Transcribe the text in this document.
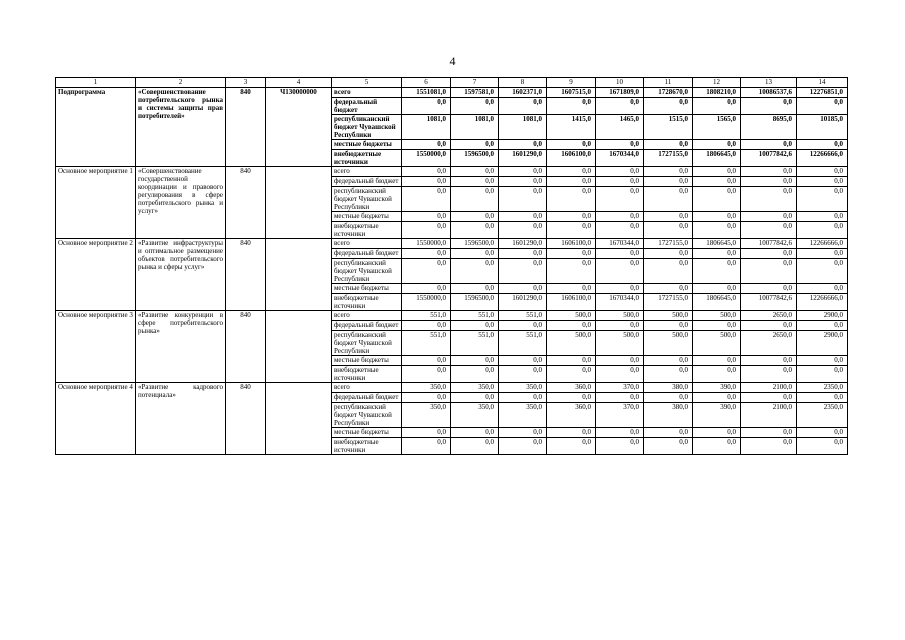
4
1	2	3	4	5	6	7	8	9	10	11	12	13	14
Подпрограмма	«Совершенствование потребительского рынка и системы защиты прав потребителей»	840	Ч130000000	всего	1551081,0	1597581,0	1602371,0	1607515,0	1671809,0	1728670,0	1808210,0	10086537,6	12276851,0
				федеральный бюджет	0,0	0,0	0,0	0,0	0,0	0,0	0,0	0,0	0,0
				республиканский бюджет Чувашской Республики	1081,0	1081,0	1081,0	1415,0	1465,0	1515,0	1565,0	8695,0	10185,0
				местные бюджеты	0,0	0,0	0,0	0,0	0,0	0,0	0,0	0,0	0,0
				внебюджетные источники	1550000,0	1596500,0	1601290,0	1606100,0	1670344,0	1727155,0	1806645,0	10077842,6	12266666,0
Основное мероприятие 1	«Совершенствование государственной координации и правового регулирования в сфере потребительского рынка и услуг»	840		всего	0,0	0,0	0,0	0,0	0,0	0,0	0,0	0,0	0,0
				федеральный бюджет	0,0	0,0	0,0	0,0	0,0	0,0	0,0	0,0	0,0
				республиканский бюджет Чувашской Республики	0,0	0,0	0,0	0,0	0,0	0,0	0,0	0,0	0,0
				местные бюджеты	0,0	0,0	0,0	0,0	0,0	0,0	0,0	0,0	0,0
				внебюджетные источники	0,0	0,0	0,0	0,0	0,0	0,0	0,0	0,0	0,0
Основное мероприятие 2	«Развитие инфраструктуры и оптимальное размещение объектов потребительского рынка и сферы услуг»	840		всего	1550000,0	1596500,0	1601290,0	1606100,0	1670344,0	1727155,0	1806645,0	10077842,6	12266666,0
				федеральный бюджет	0,0	0,0	0,0	0,0	0,0	0,0	0,0	0,0	0,0
				республиканский бюджет Чувашской Республики	0,0	0,0	0,0	0,0	0,0	0,0	0,0	0,0	0,0
				местные бюджеты	0,0	0,0	0,0	0,0	0,0	0,0	0,0	0,0	0,0
				внебюджетные источники	1550000,0	1596500,0	1601290,0	1606100,0	1670344,0	1727155,0	1806645,0	10077842,6	12266666,0
Основное мероприятие 3	«Развитие конкуренции в сфере потребительского рынка»	840		всего	551,0	551,0	551,0	500,0	500,0	500,0	500,0	2650,0	2900,0
				федеральный бюджет	0,0	0,0	0,0	0,0	0,0	0,0	0,0	0,0	0,0
				республиканский бюджет Чувашской Республики	551,0	551,0	551,0	500,0	500,0	500,0	500,0	2650,0	2900,0
				местные бюджеты	0,0	0,0	0,0	0,0	0,0	0,0	0,0	0,0	0,0
				внебюджетные источники	0,0	0,0	0,0	0,0	0,0	0,0	0,0	0,0	0,0
Основное мероприятие 4	«Развитие кадрового потенциала»	840		всего	350,0	350,0	350,0	360,0	370,0	380,0	390,0	2100,0	2350,0
				федеральный бюджет	0,0	0,0	0,0	0,0	0,0	0,0	0,0	0,0	0,0
				республиканский бюджет Чувашской Республики	350,0	350,0	350,0	360,0	370,0	380,0	390,0	2100,0	2350,0
				местные бюджеты	0,0	0,0	0,0	0,0	0,0	0,0	0,0	0,0	0,0
				внебюджетные источники	0,0	0,0	0,0	0,0	0,0	0,0	0,0	0,0	0,0
